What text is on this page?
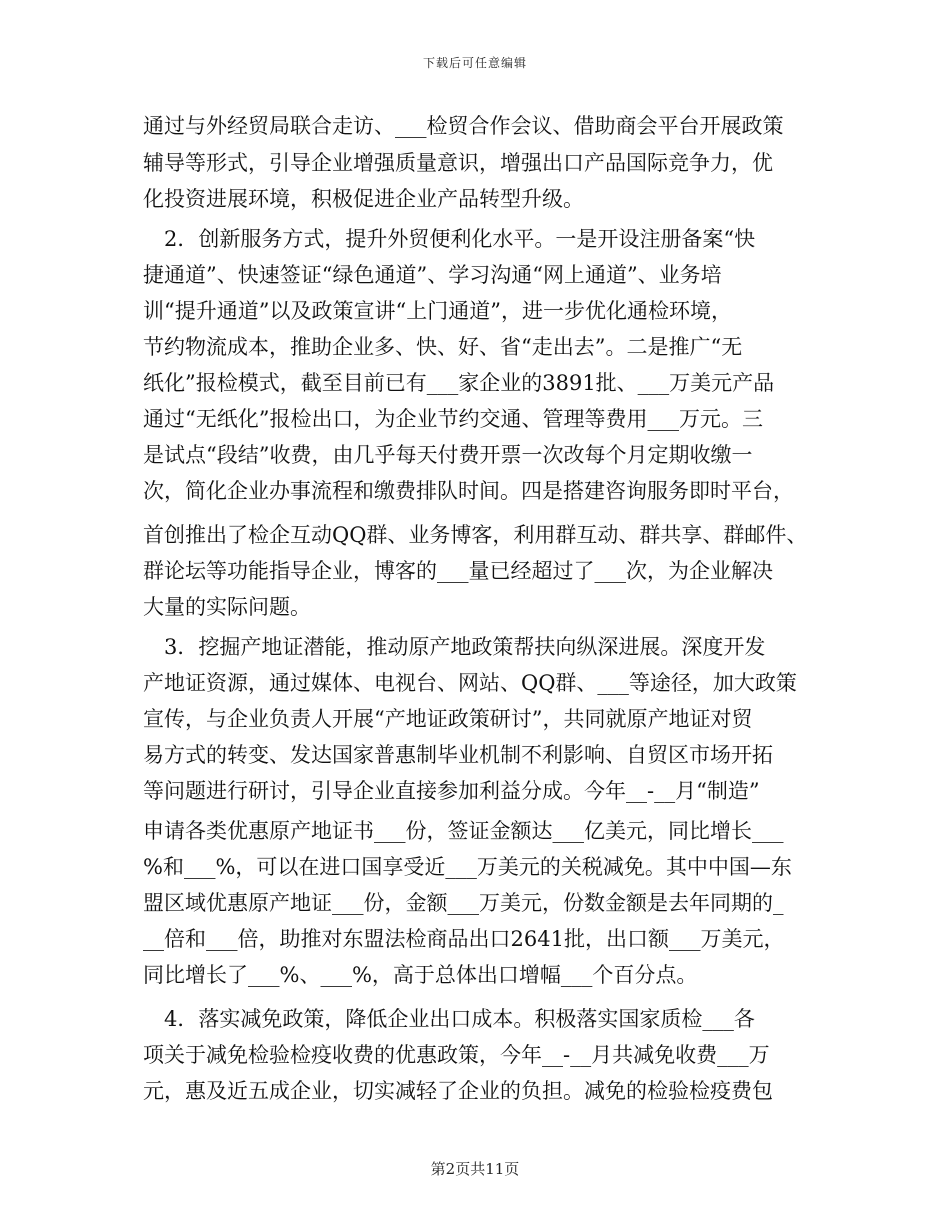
下载后可任意编辑
通过与外经贸局联合走访、___检贸合作会议、借助商会平台开展政策
辅导等形式，引导企业增强质量意识，增强出口产品国际竞争力，优
化投资进展环境，积极促进企业产品转型升级。
　2．创新服务方式，提升外贸便利化水平。一是开设注册备案“快
捷通道”、快速签证“绿色通道”、学习沟通“网上通道”、业务培
训“提升通道”以及政策宣讲“上门通道”，进一步优化通检环境，
节约物流成本，推助企业多、快、好、省“走出去”。二是推广“无
纸化”报检模式，截至目前已有___家企业的3891批、___万美元产品
通过“无纸化”报检出口，为企业节约交通、管理等费用___万元。三
是试点“段结”收费，由几乎每天付费开票一次改每个月定期收缴一
次，简化企业办事流程和缴费排队时间。四是搭建咨询服务即时平台，
首创推出了检企互动QQ群、业务博客，利用群互动、群共享、群邮件、
群论坛等功能指导企业，博客的___量已经超过了___次，为企业解决
大量的实际问题。
　3．挖掘产地证潜能，推动原产地政策帮扶向纵深进展。深度开发
产地证资源，通过媒体、电视台、网站、QQ群、___等途径，加大政策
宣传，与企业负责人开展“产地证政策研讨”，共同就原产地证对贸
易方式的转变、发达国家普惠制毕业机制不利影响、自贸区市场开拓
等问题进行研讨，引导企业直接参加利益分成。今年__-__月“制造”
申请各类优惠原产地证书___份，签证金额达___亿美元，同比增长___
%和___%，可以在进口国享受近___万美元的关税减免。其中中国—东
盟区域优惠原产地证___份，金额___万美元，份数金额是去年同期的_
__倍和___倍，助推对东盟法检商品出口2641批，出口额___万美元，
同比增长了___%、___%，高于总体出口增幅___个百分点。
　4．落实减免政策，降低企业出口成本。积极落实国家质检___各
项关于减免检验检疫收费的优惠政策，今年__-__月共减免收费___万
元，惠及近五成企业，切实减轻了企业的负担。减免的检验检疫费包
第2页共11页
